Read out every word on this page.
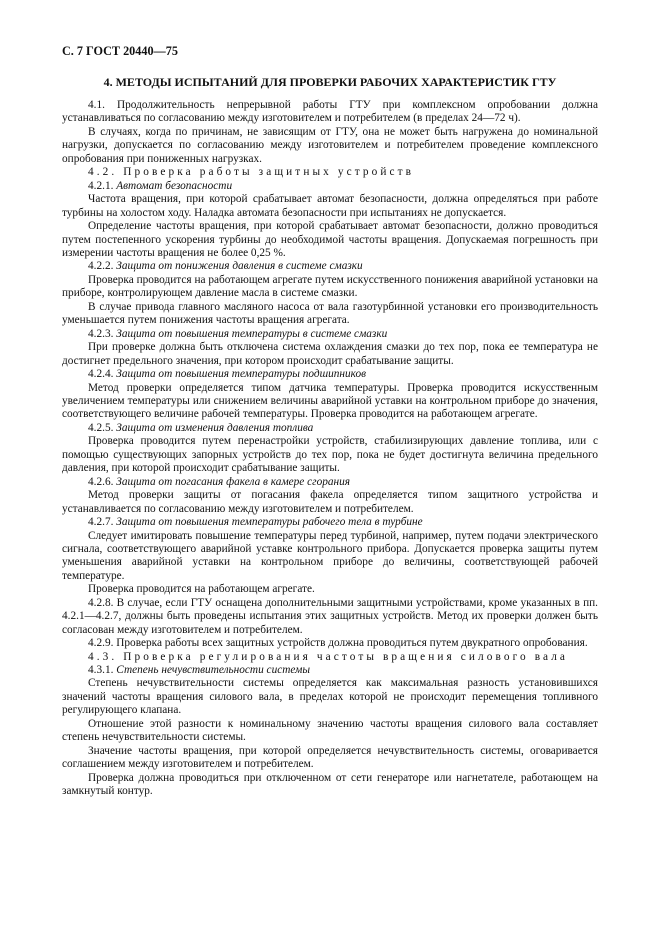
С. 7 ГОСТ 20440—75
4. МЕТОДЫ ИСПЫТАНИЙ ДЛЯ ПРОВЕРКИ РАБОЧИХ ХАРАКТЕРИСТИК ГТУ

4.1. Продолжительность непрерывной работы ГТУ при комплексном опробовании должна устанавливаться по согласованию между изготовителем и потребителем (в пределах 24—72 ч).

В случаях, когда по причинам, не зависящим от ГТУ, она не может быть нагружена до номинальной нагрузки, допускается по согласованию между изготовителем и потребителем проведение комплексного опробования при пониженных нагрузках.

4.2. Проверка работы защитных устройств

4.2.1. Автомат безопасности

Частота вращения, при которой срабатывает автомат безопасности, должна определяться при работе турбины на холостом ходу. Наладка автомата безопасности при испытаниях не допускается.

Определение частоты вращения, при которой срабатывает автомат безопасности, должно проводиться путем постепенного ускорения турбины до необходимой частоты вращения. Допускаемая погрешность при измерении частоты вращения не более 0,25 %.

4.2.2. Защита от понижения давления в системе смазки

Проверка проводится на работающем агрегате путем искусственного понижения аварийной установки на приборе, контролирующем давление масла в системе смазки.

В случае привода главного масляного насоса от вала газотурбинной установки его производительность уменьшается путем понижения частоты вращения агрегата.

4.2.3. Защита от повышения температуры в системе смазки

При проверке должна быть отключена система охлаждения смазки до тех пор, пока ее температура не достигнет предельного значения, при котором происходит срабатывание защиты.

4.2.4. Защита от повышения температуры подшипников

Метод проверки определяется типом датчика температуры. Проверка проводится искусственным увеличением температуры или снижением величины аварийной уставки на контрольном приборе до значения, соответствующего величине рабочей температуры. Проверка проводится на работающем агрегате.

4.2.5. Защита от изменения давления топлива

Проверка проводится путем перенастройки устройств, стабилизирующих давление топлива, или с помощью существующих запорных устройств до тех пор, пока не будет достигнута величина предельного давления, при которой происходит срабатывание защиты.

4.2.6. Защита от погасания факела в камере сгорания

Метод проверки защиты от погасания факела определяется типом защитного устройства и устанавливается по согласованию между изготовителем и потребителем.

4.2.7. Защита от повышения температуры рабочего тела в турбине

Следует имитировать повышение температуры перед турбиной, например, путем подачи электрического сигнала, соответствующего аварийной уставке контрольного прибора. Допускается проверка защиты путем уменьшения аварийной уставки на контрольном приборе до величины, соответствующей рабочей температуре.

Проверка проводится на работающем агрегате.

4.2.8. В случае, если ГТУ оснащена дополнительными защитными устройствами, кроме указанных в пп. 4.2.1—4.2.7, должны быть проведены испытания этих защитных устройств. Метод их проверки должен быть согласован между изготовителем и потребителем.

4.2.9. Проверка работы всех защитных устройств должна проводиться путем двукратного опробования.

4.3. Проверка регулирования частоты вращения силового вала

4.3.1. Степень нечувствительности системы

Степень нечувствительности системы определяется как максимальная разность установившихся значений частоты вращения силового вала, в пределах которой не происходит перемещения топливного регулирующего клапана.

Отношение этой разности к номинальному значению частоты вращения силового вала составляет степень нечувствительности системы.

Значение частоты вращения, при которой определяется нечувствительность системы, оговаривается соглашением между изготовителем и потребителем.

Проверка должна проводиться при отключенном от сети генераторе или нагнетателе, работающем на замкнутый контур.
